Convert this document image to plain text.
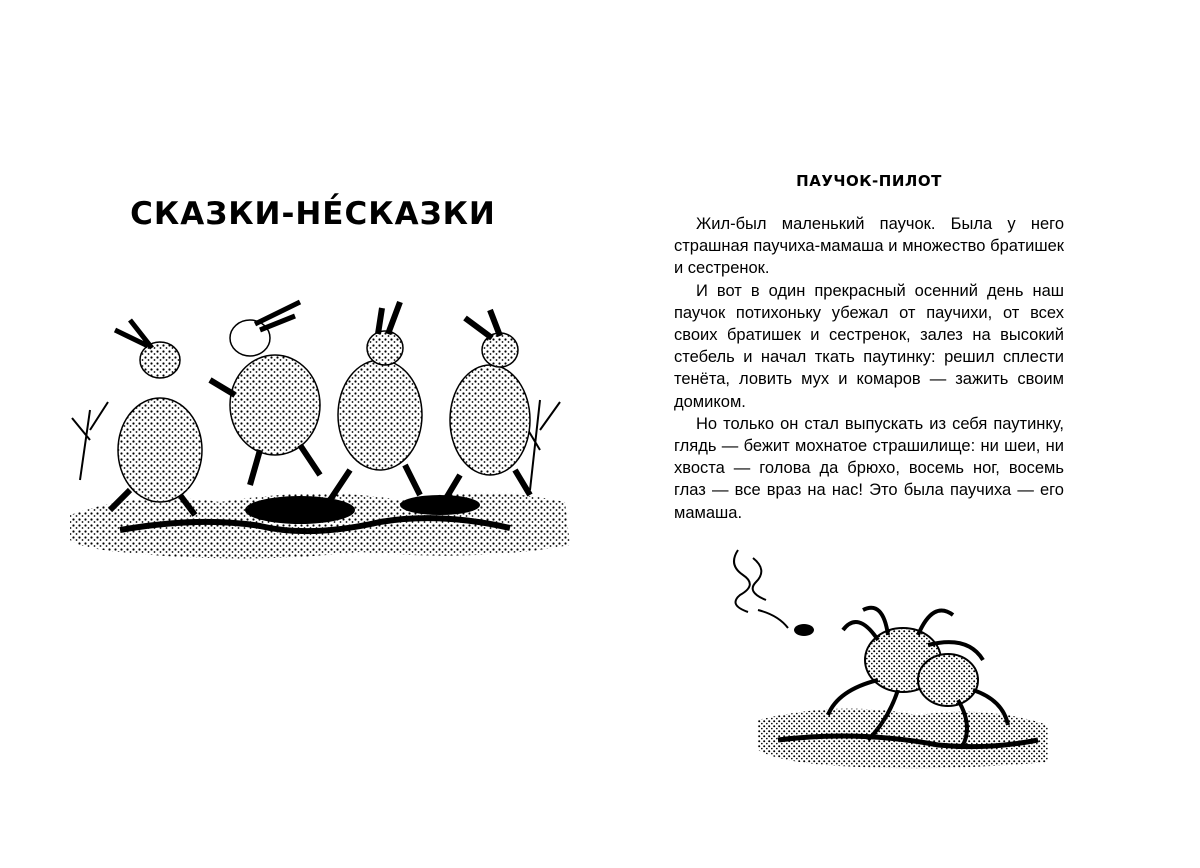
СКАЗКИ-НЕ́СКАЗКИ
ПАУЧОК-ПИЛОТ

Жил-был маленький паучок. Была у него страшная паучиха-мамаша и множество братишек и сестренок.

И вот в один прекрасный осенний день наш паучок потихоньку убежал от паучихи, от всех своих братишек и сестренок, залез на высокий стебель и начал ткать паутинку: решил сплести тенёта, ловить мух и комаров — зажить своим домиком.

Но только он стал выпускать из себя паутинку, глядь — бежит мохнатое страшилище: ни шеи, ни хвоста — голова да брюхо, восемь ног, восемь глаз — все враз на нас! Это была паучиха — его мамаша.
